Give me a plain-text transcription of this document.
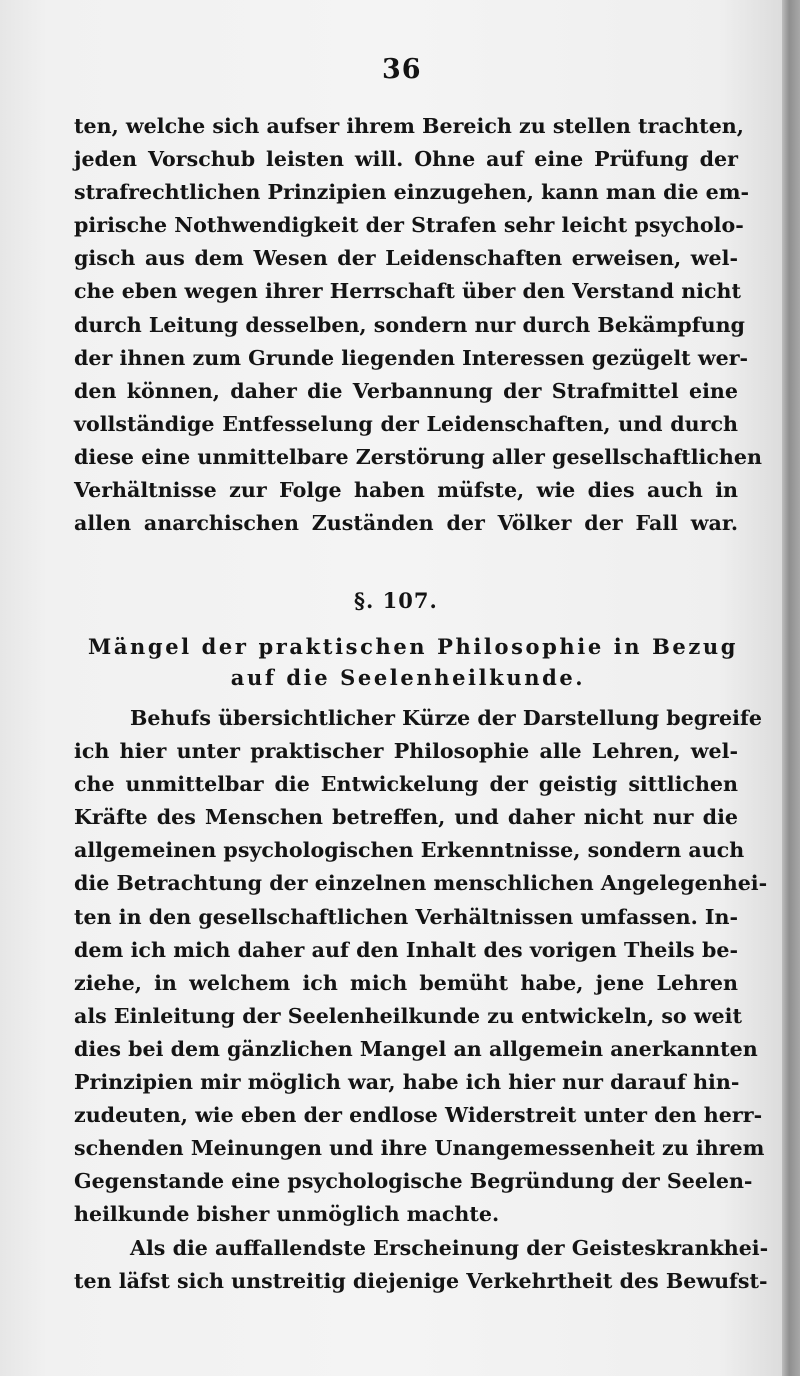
36
ten, welche sich aufser ihrem Bereich zu stellen trachten,
jeden Vorschub leisten will. Ohne auf eine Prüfung der
strafrechtlichen Prinzipien einzugehen, kann man die em-
pirische Nothwendigkeit der Strafen sehr leicht psycholo-
gisch aus dem Wesen der Leidenschaften erweisen, wel-
che eben wegen ihrer Herrschaft über den Verstand nicht
durch Leitung desselben, sondern nur durch Bekämpfung
der ihnen zum Grunde liegenden Interessen gezügelt wer-
den können, daher die Verbannung der Strafmittel eine
vollständige Entfesselung der Leidenschaften, und durch
diese eine unmittelbare Zerstörung aller gesellschaftlichen
Verhältnisse zur Folge haben müfste, wie dies auch in
allen anarchischen Zuständen der Völker der Fall war.
§. 107.
Mängel der praktischen Philosophie in Bezug
auf die Seelenheilkunde.
Behufs übersichtlicher Kürze der Darstellung begreife
ich hier unter praktischer Philosophie alle Lehren, wel-
che unmittelbar die Entwickelung der geistig sittlichen
Kräfte des Menschen betreffen, und daher nicht nur die
allgemeinen psychologischen Erkenntnisse, sondern auch
die Betrachtung der einzelnen menschlichen Angelegenhei-
ten in den gesellschaftlichen Verhältnissen umfassen. In-
dem ich mich daher auf den Inhalt des vorigen Theils be-
ziehe, in welchem ich mich bemüht habe, jene Lehren
als Einleitung der Seelenheilkunde zu entwickeln, so weit
dies bei dem gänzlichen Mangel an allgemein anerkannten
Prinzipien mir möglich war, habe ich hier nur darauf hin-
zudeuten, wie eben der endlose Widerstreit unter den herr-
schenden Meinungen und ihre Unangemessenheit zu ihrem
Gegenstande eine psychologische Begründung der Seelen-
heilkunde bisher unmöglich machte.
Als die auffallendste Erscheinung der Geisteskrankhei-
ten läfst sich unstreitig diejenige Verkehrtheit des Bewufst-
